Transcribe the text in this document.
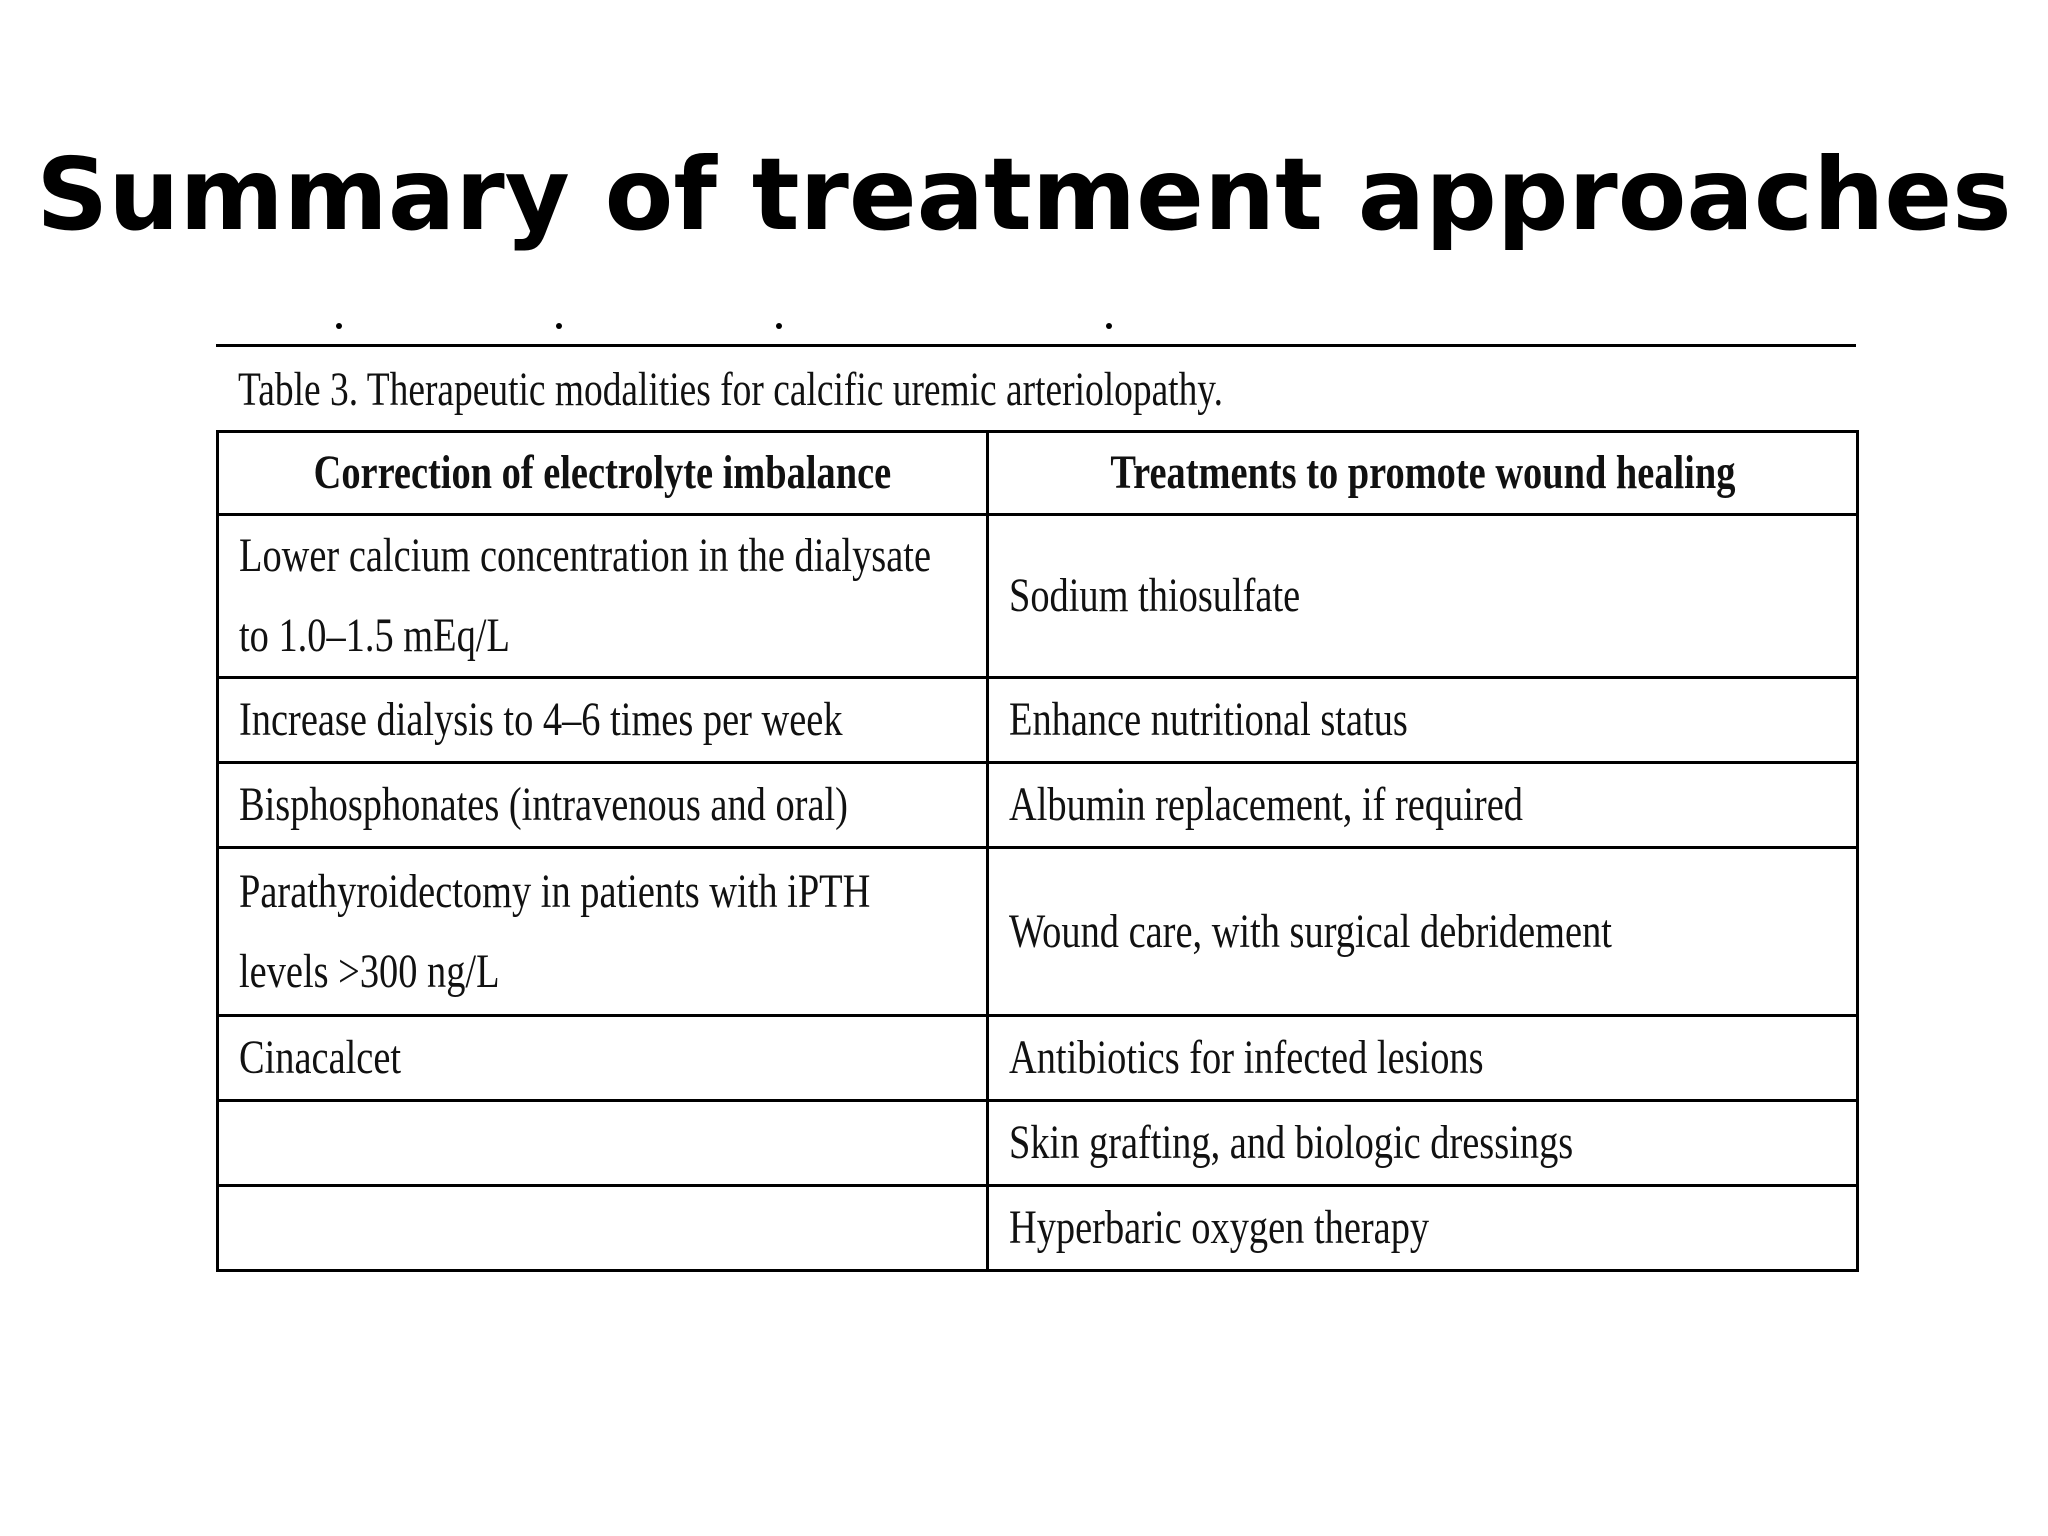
Summary of treatment approaches
Table 3. Therapeutic modalities for calcific uremic arteriolopathy.
Correction of electrolyte imbalance	Treatments to promote wound healing

Lower calcium concentration in the dialysate to 1.0–1.5 mEq/L	Sodium thiosulfate

Increase dialysis to 4–6 times per week	Enhance nutritional status

Bisphosphonates (intravenous and oral)	Albumin replacement, if required

Parathyroidectomy in patients with iPTH levels >300 ng/L	Wound care, with surgical debridement

Cinacalcet	Antibiotics for infected lesions

	Skin grafting, and biologic dressings

	Hyperbaric oxygen therapy
